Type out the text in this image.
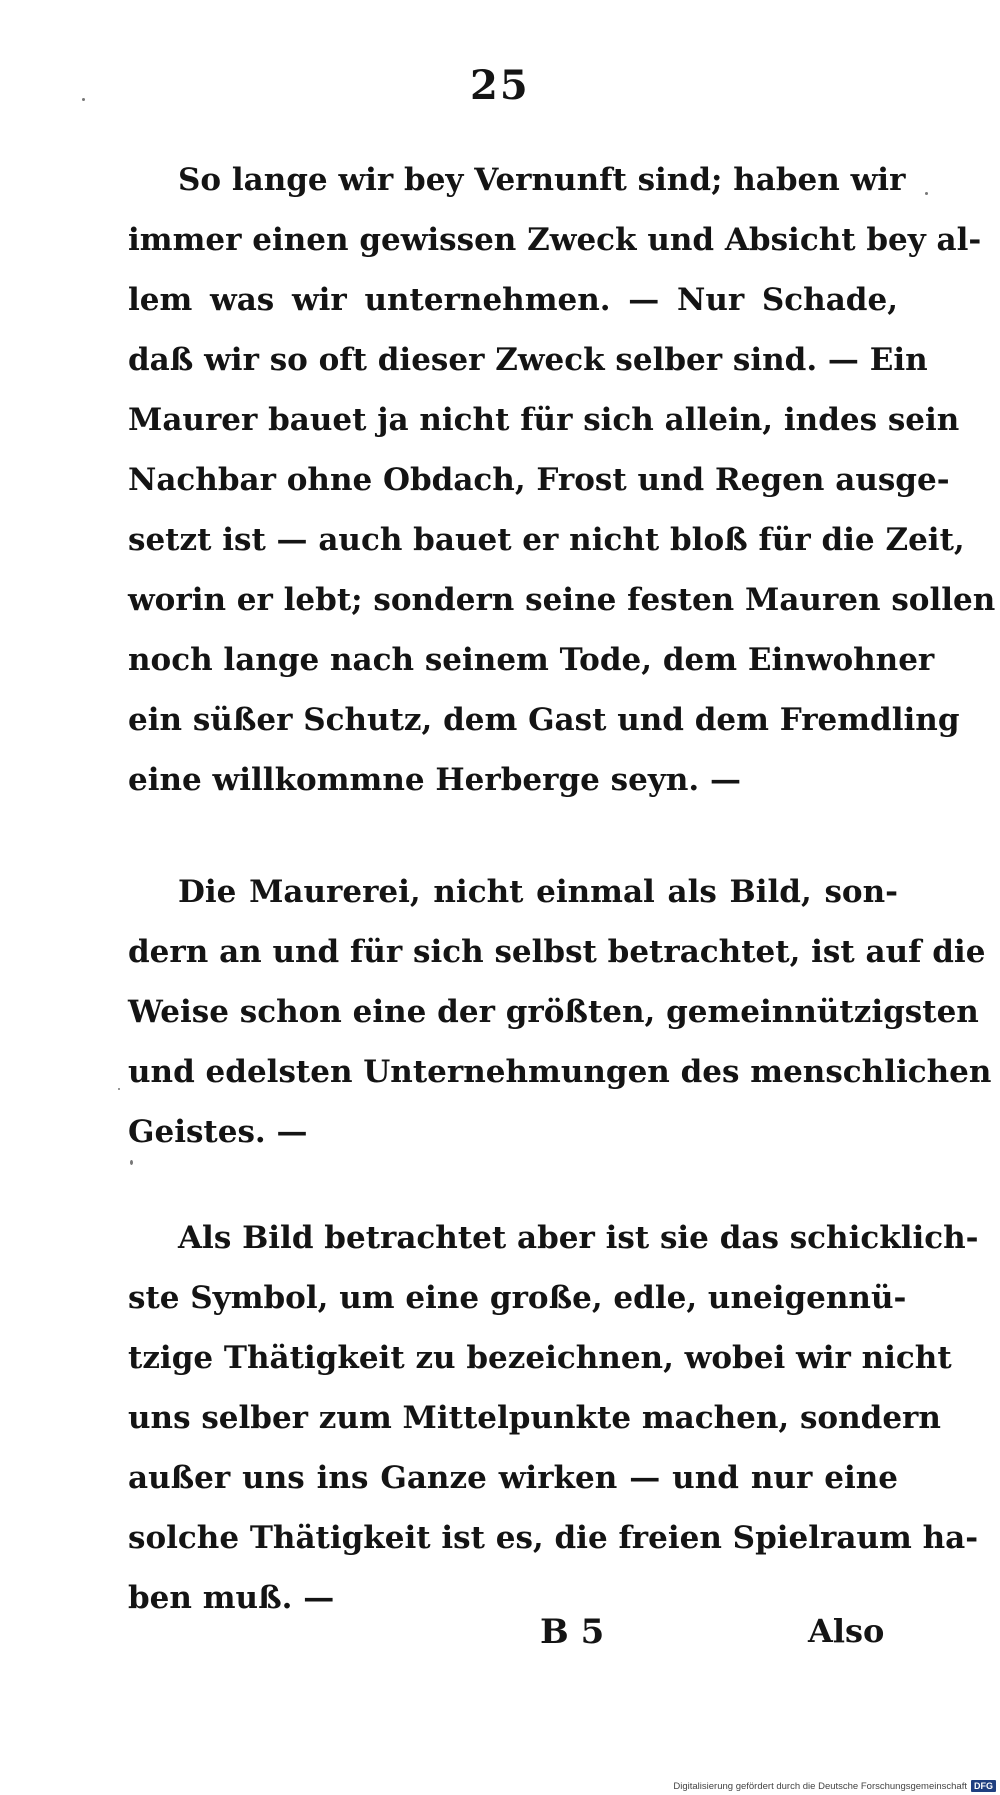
25
So lange wir bey Vernunft sind; haben wir
immer einen gewissen Zweck und Absicht bey al-
lem was wir unternehmen. — Nur Schade,
daß wir so oft dieser Zweck selber sind. — Ein
Maurer bauet ja nicht für sich allein, indes sein
Nachbar ohne Obdach, Frost und Regen ausge-
setzt ist — auch bauet er nicht bloß für die Zeit,
worin er lebt; sondern seine festen Mauren sollen
noch lange nach seinem Tode, dem Einwohner
ein süßer Schutz, dem Gast und dem Fremdling
eine willkommne Herberge seyn. —
Die Maurerei, nicht einmal als Bild, son-
dern an und für sich selbst betrachtet, ist auf die
Weise schon eine der größten, gemeinnützigsten
und edelsten Unternehmungen des menschlichen
Geistes. —
Als Bild betrachtet aber ist sie das schicklich-
ste Symbol, um eine große, edle, uneigennü-
tzige Thätigkeit zu bezeichnen, wobei wir nicht
uns selber zum Mittelpunkte machen, sondern
außer uns ins Ganze wirken — und nur eine
solche Thätigkeit ist es, die freien Spielraum ha-
ben muß. —
B 5	Also
Digitalisierung gefördert durch die Deutsche Forschungsgemeinschaft DFG
